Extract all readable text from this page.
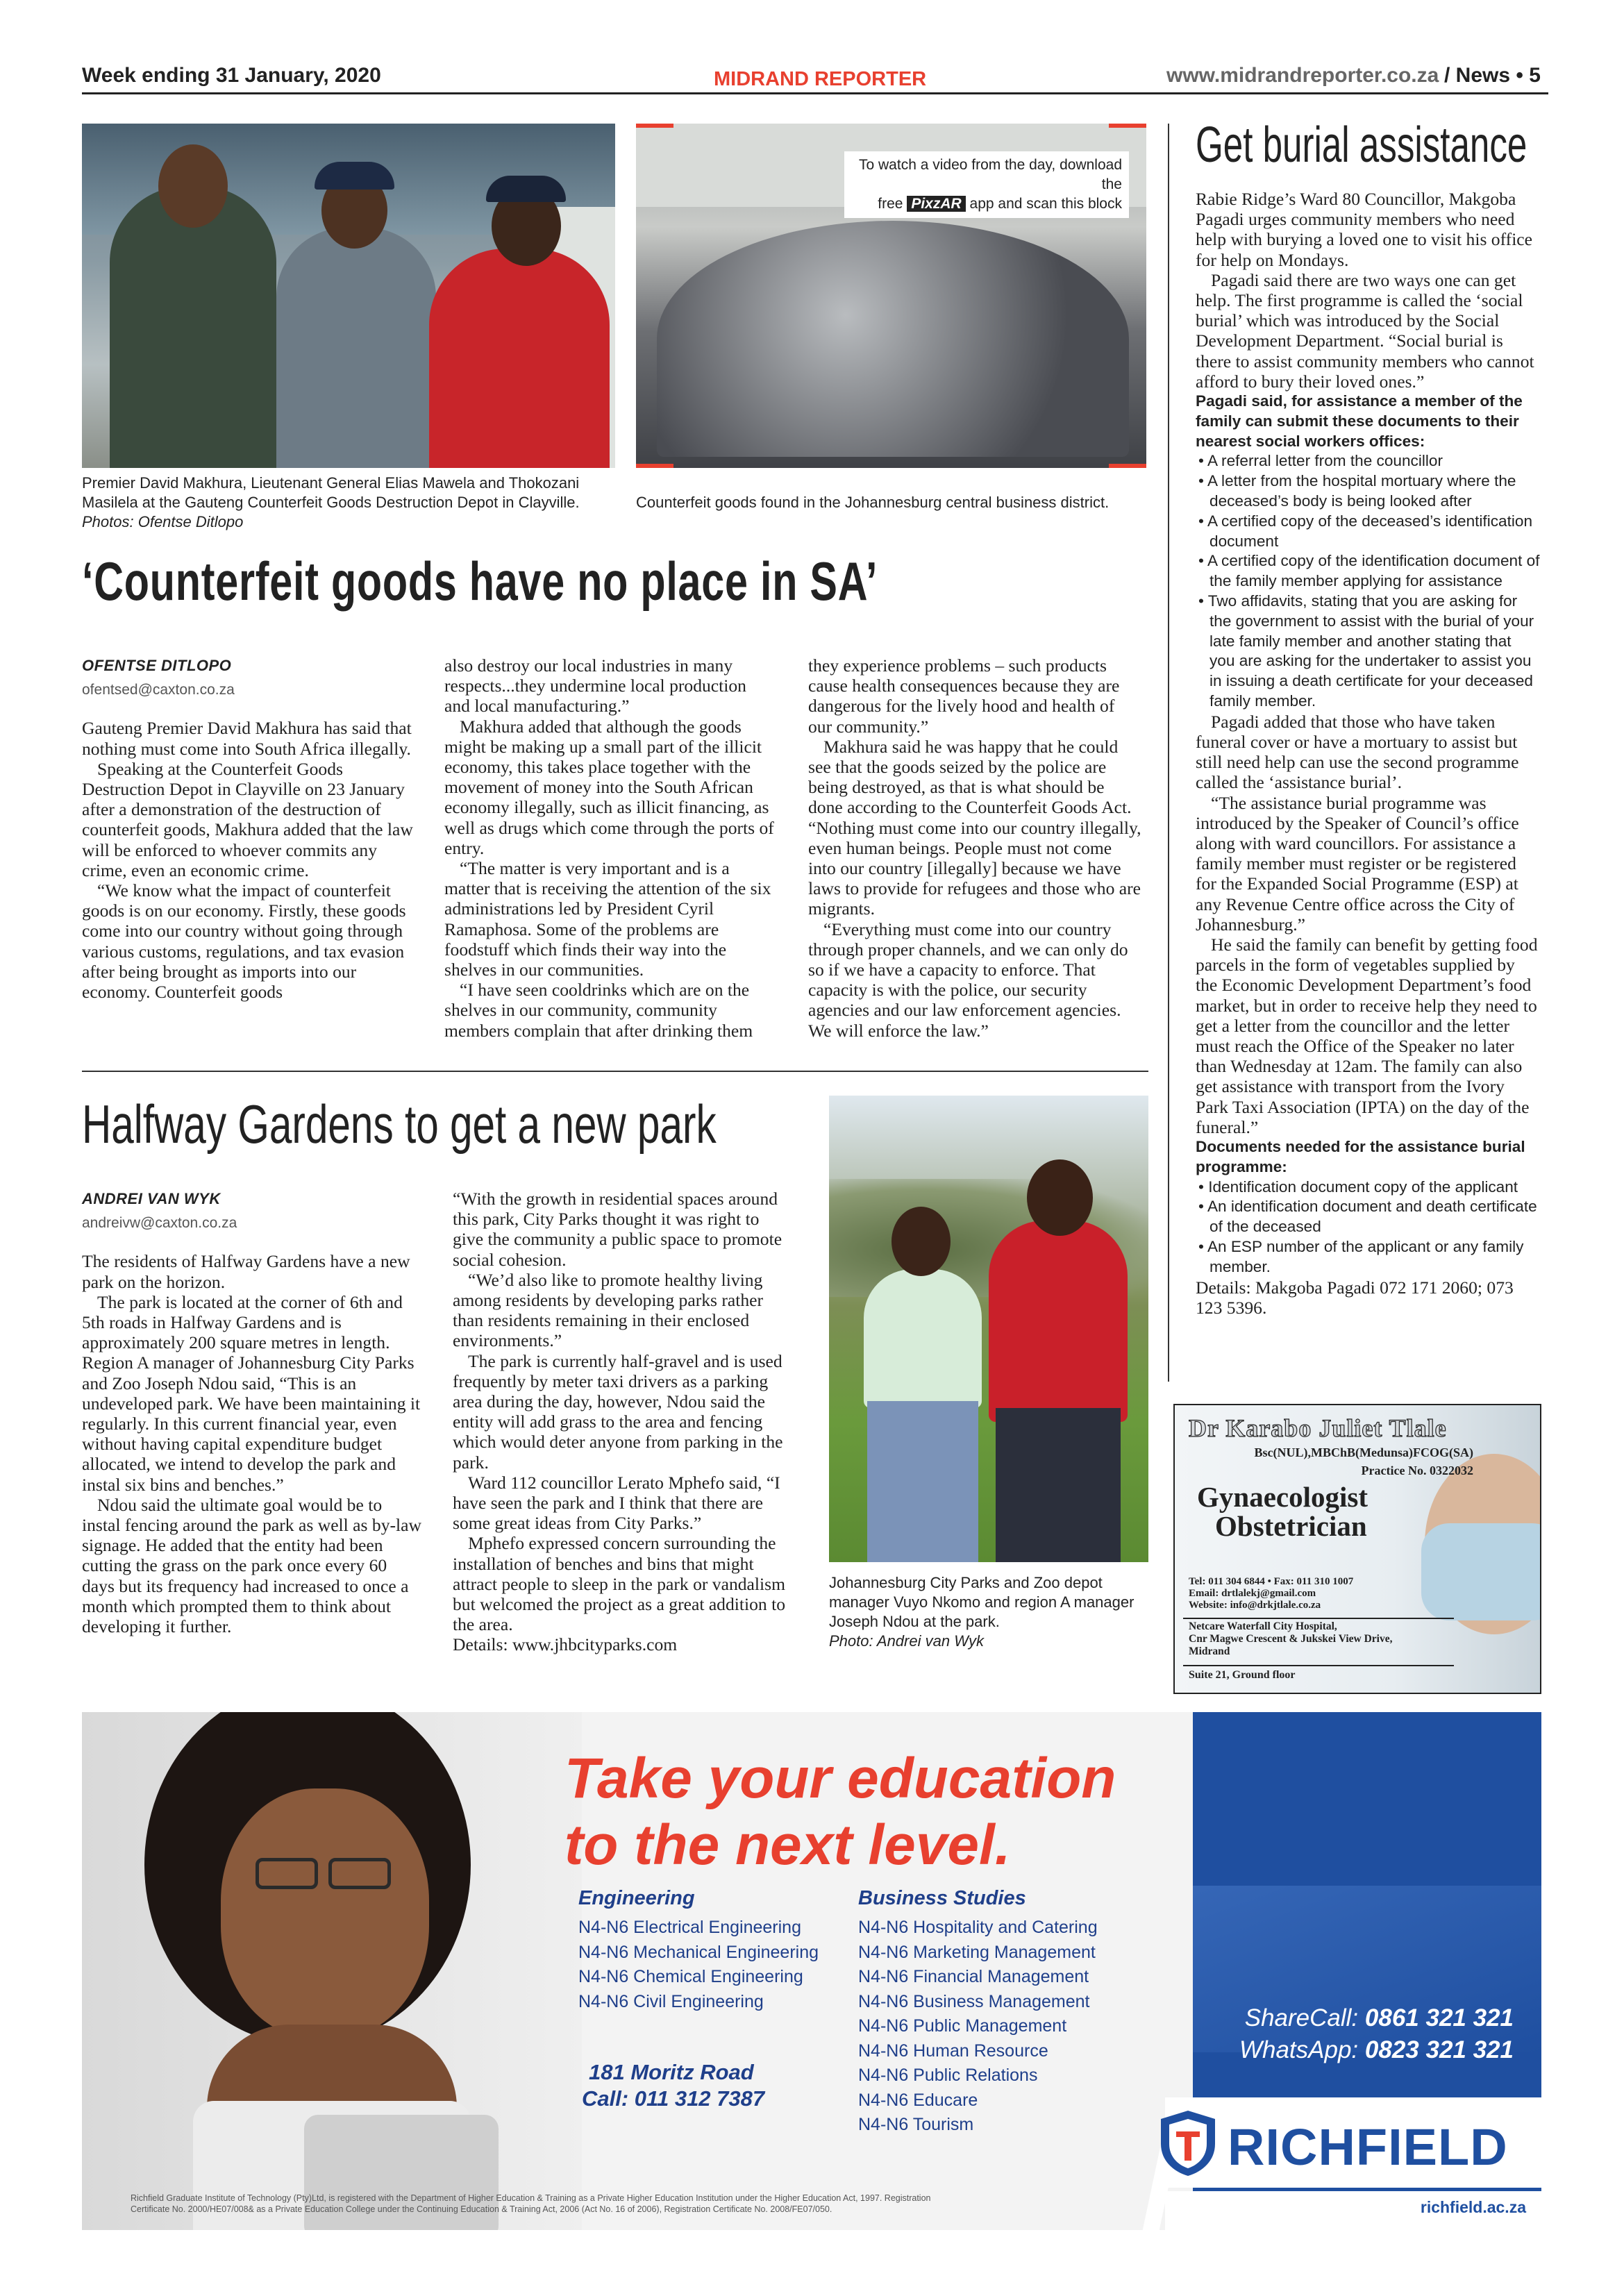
Week ending 31 January, 2020	MIDRAND REPORTER	www.midrandreporter.co.za / News • 5
Premier David Makhura, Lieutenant General Elias Mawela and Thokozani Masilela at the Gauteng Counterfeit Goods Destruction Depot in Clayville. Photos: Ofentse Ditlopo
To watch a video from the day, download the
free PixzAR app and scan this block
Counterfeit goods found in the Johannesburg central business district.
‘Counterfeit goods have no place in SA’
OFENTSE DITLOPO
ofentsed@caxton.co.za

Gauteng Premier David Makhura has said that nothing must come into South Africa illegally.

Speaking at the Counterfeit Goods Destruction Depot in Clayville on 23 January after a demonstration of the destruction of counterfeit goods, Makhura added that the law will be enforced to whoever commits any crime, even an economic crime.

“We know what the impact of counterfeit goods is on our economy. Firstly, these goods come into our country without going through various customs, regulations, and tax evasion after being brought as imports into our economy. Counterfeit goods

also destroy our local industries in many respects...they undermine local production and local manufacturing.”

Makhura added that although the goods might be making up a small part of the illicit economy, this takes place together with the movement of money into the South African economy illegally, such as illicit financing, as well as drugs which come through the ports of entry.

“The matter is very important and is a matter that is receiving the attention of the six administrations led by President Cyril Ramaphosa. Some of the problems are foodstuff which finds their way into the shelves in our communities.

“I have seen cooldrinks which are on the shelves in our community, community members complain that after drinking them

they experience problems – such products cause health consequences because they are dangerous for the lively hood and health of our community.”

Makhura said he was happy that he could see that the goods seized by the police are being destroyed, as that is what should be done according to the Counterfeit Goods Act. “Nothing must come into our country illegally, even human beings. People must not come into our country [illegally] because we have laws to provide for refugees and those who are migrants.

“Everything must come into our country through proper channels, and we can only do so if we have a capacity to enforce. That capacity is with the police, our security agencies and our law enforcement agencies. We will enforce the law.”

Get burial assistance

Rabie Ridge’s Ward 80 Councillor, Makgoba Pagadi urges community members who need help with burying a loved one to visit his office for help on Mondays.

Pagadi said there are two ways one can get help. The first programme is called the ‘social burial’ which was introduced by the Social Development Department. “Social burial is there to assist community members who cannot afford to bury their loved ones.”

Pagadi said, for assistance a member of the family can submit these documents to their nearest social workers offices:

• A referral letter from the councillor

• A letter from the hospital mortuary where the deceased’s body is being looked after

• A certified copy of the deceased’s identification document

• A certified copy of the identification document of the family member applying for assistance

• Two affidavits, stating that you are asking for the government to assist with the burial of your late family member and another stating that you are asking for the undertaker to assist you in issuing a death certificate for your deceased family member.

Pagadi added that those who have taken funeral cover or have a mortuary to assist but still need help can use the second programme called the ‘assistance burial’.

“The assistance burial programme was introduced by the Speaker of Council’s office along with ward councillors. For assistance a family member must register or be registered for the Expanded Social Programme (ESP) at any Revenue Centre office across the City of Johannesburg.”

He said the family can benefit by getting food parcels in the form of vegetables supplied by the Economic Development Department’s food market, but in order to receive help they need to get a letter from the councillor and the letter must reach the Office of the Speaker no later than Wednesday at 12am. The family can also get assistance with transport from the Ivory Park Taxi Association (IPTA) on the day of the funeral.”

Documents needed for the assistance burial programme:

• Identification document copy of the applicant

• An identification document and death certificate of the deceased

• An ESP number of the applicant or any family member.

Details: Makgoba Pagadi 072 171 2060; 073 123 5396.

Dr Karabo Juliet Tlale
Bsc(NUL),MBChB(Medunsa)FCOG(SA)
Practice No. 0322032
Gynaecologist
Obstetrician
Tel: 011 304 6844 • Fax: 011 310 1007
Email: drtlalekj@gmail.com
Website: info@drkjtlale.co.za
Netcare Waterfall City Hospital,
Cnr Magwe Crescent & Jukskei View Drive,
Midrand
Suite 21, Ground floor
Halfway Gardens to get a new park
ANDREI VAN WYK
andreivw@caxton.co.za

The residents of Halfway Gardens have a new park on the horizon.

The park is located at the corner of 6th and 5th roads in Halfway Gardens and is approximately 200 square metres in length. Region A manager of Johannesburg City Parks and Zoo Joseph Ndou said, “This is an undeveloped park. We have been maintaining it regularly. In this current financial year, even without having capital expenditure budget allocated, we intend to develop the park and instal six bins and benches.”

Ndou said the ultimate goal would be to instal fencing around the park as well as by-law signage. He added that the entity had been cutting the grass on the park once every 60 days but its frequency had increased to once a month which prompted them to think about developing it further.

“With the growth in residential spaces around this park, City Parks thought it was right to give the community a public space to promote social cohesion.

“We’d also like to promote healthy living among residents by developing parks rather than residents remaining in their enclosed environments.”

The park is currently half-gravel and is used frequently by meter taxi drivers as a parking area during the day, however, Ndou said the entity will add grass to the area and fencing which would deter anyone from parking in the park.

Ward 112 councillor Lerato Mphefo said, “I have seen the park and I think that there are some great ideas from City Parks.”

Mphefo expressed concern surrounding the installation of benches and bins that might attract people to sleep in the park or vandalism but welcomed the project as a great addition to the area.

Details: www.jhbcityparks.com

Johannesburg City Parks and Zoo depot manager Vuyo Nkomo and region A manager Joseph Ndou at the park.
Photo: Andrei van Wyk
Take your education
to the next level.
Engineering
N4-N6 Electrical Engineering
N4-N6 Mechanical Engineering
N4-N6 Chemical Engineering
N4-N6 Civil Engineering
Business Studies
N4-N6 Hospitality and Catering
N4-N6 Marketing Management
N4-N6 Financial Management
N4-N6 Business Management
N4-N6 Public Management
N4-N6 Human Resource
N4-N6 Public Relations
N4-N6 Educare
N4-N6 Tourism
181 Moritz Road
Call: 011 312 7387
ShareCall: 0861 321 321
WhatsApp: 0823 321 321
RICHFIELD
richfield.ac.za
Richfield Graduate Institute of Technology (Pty)Ltd, is registered with the Department of Higher Education & Training as a Private Higher Education Institution under the Higher Education Act, 1997. Registration
Certificate No. 2000/HE07/008& as a Private Education College under the Continuing Education & Training Act, 2006 (Act No. 16 of 2006), Registration Certificate No. 2008/FE07/050.
